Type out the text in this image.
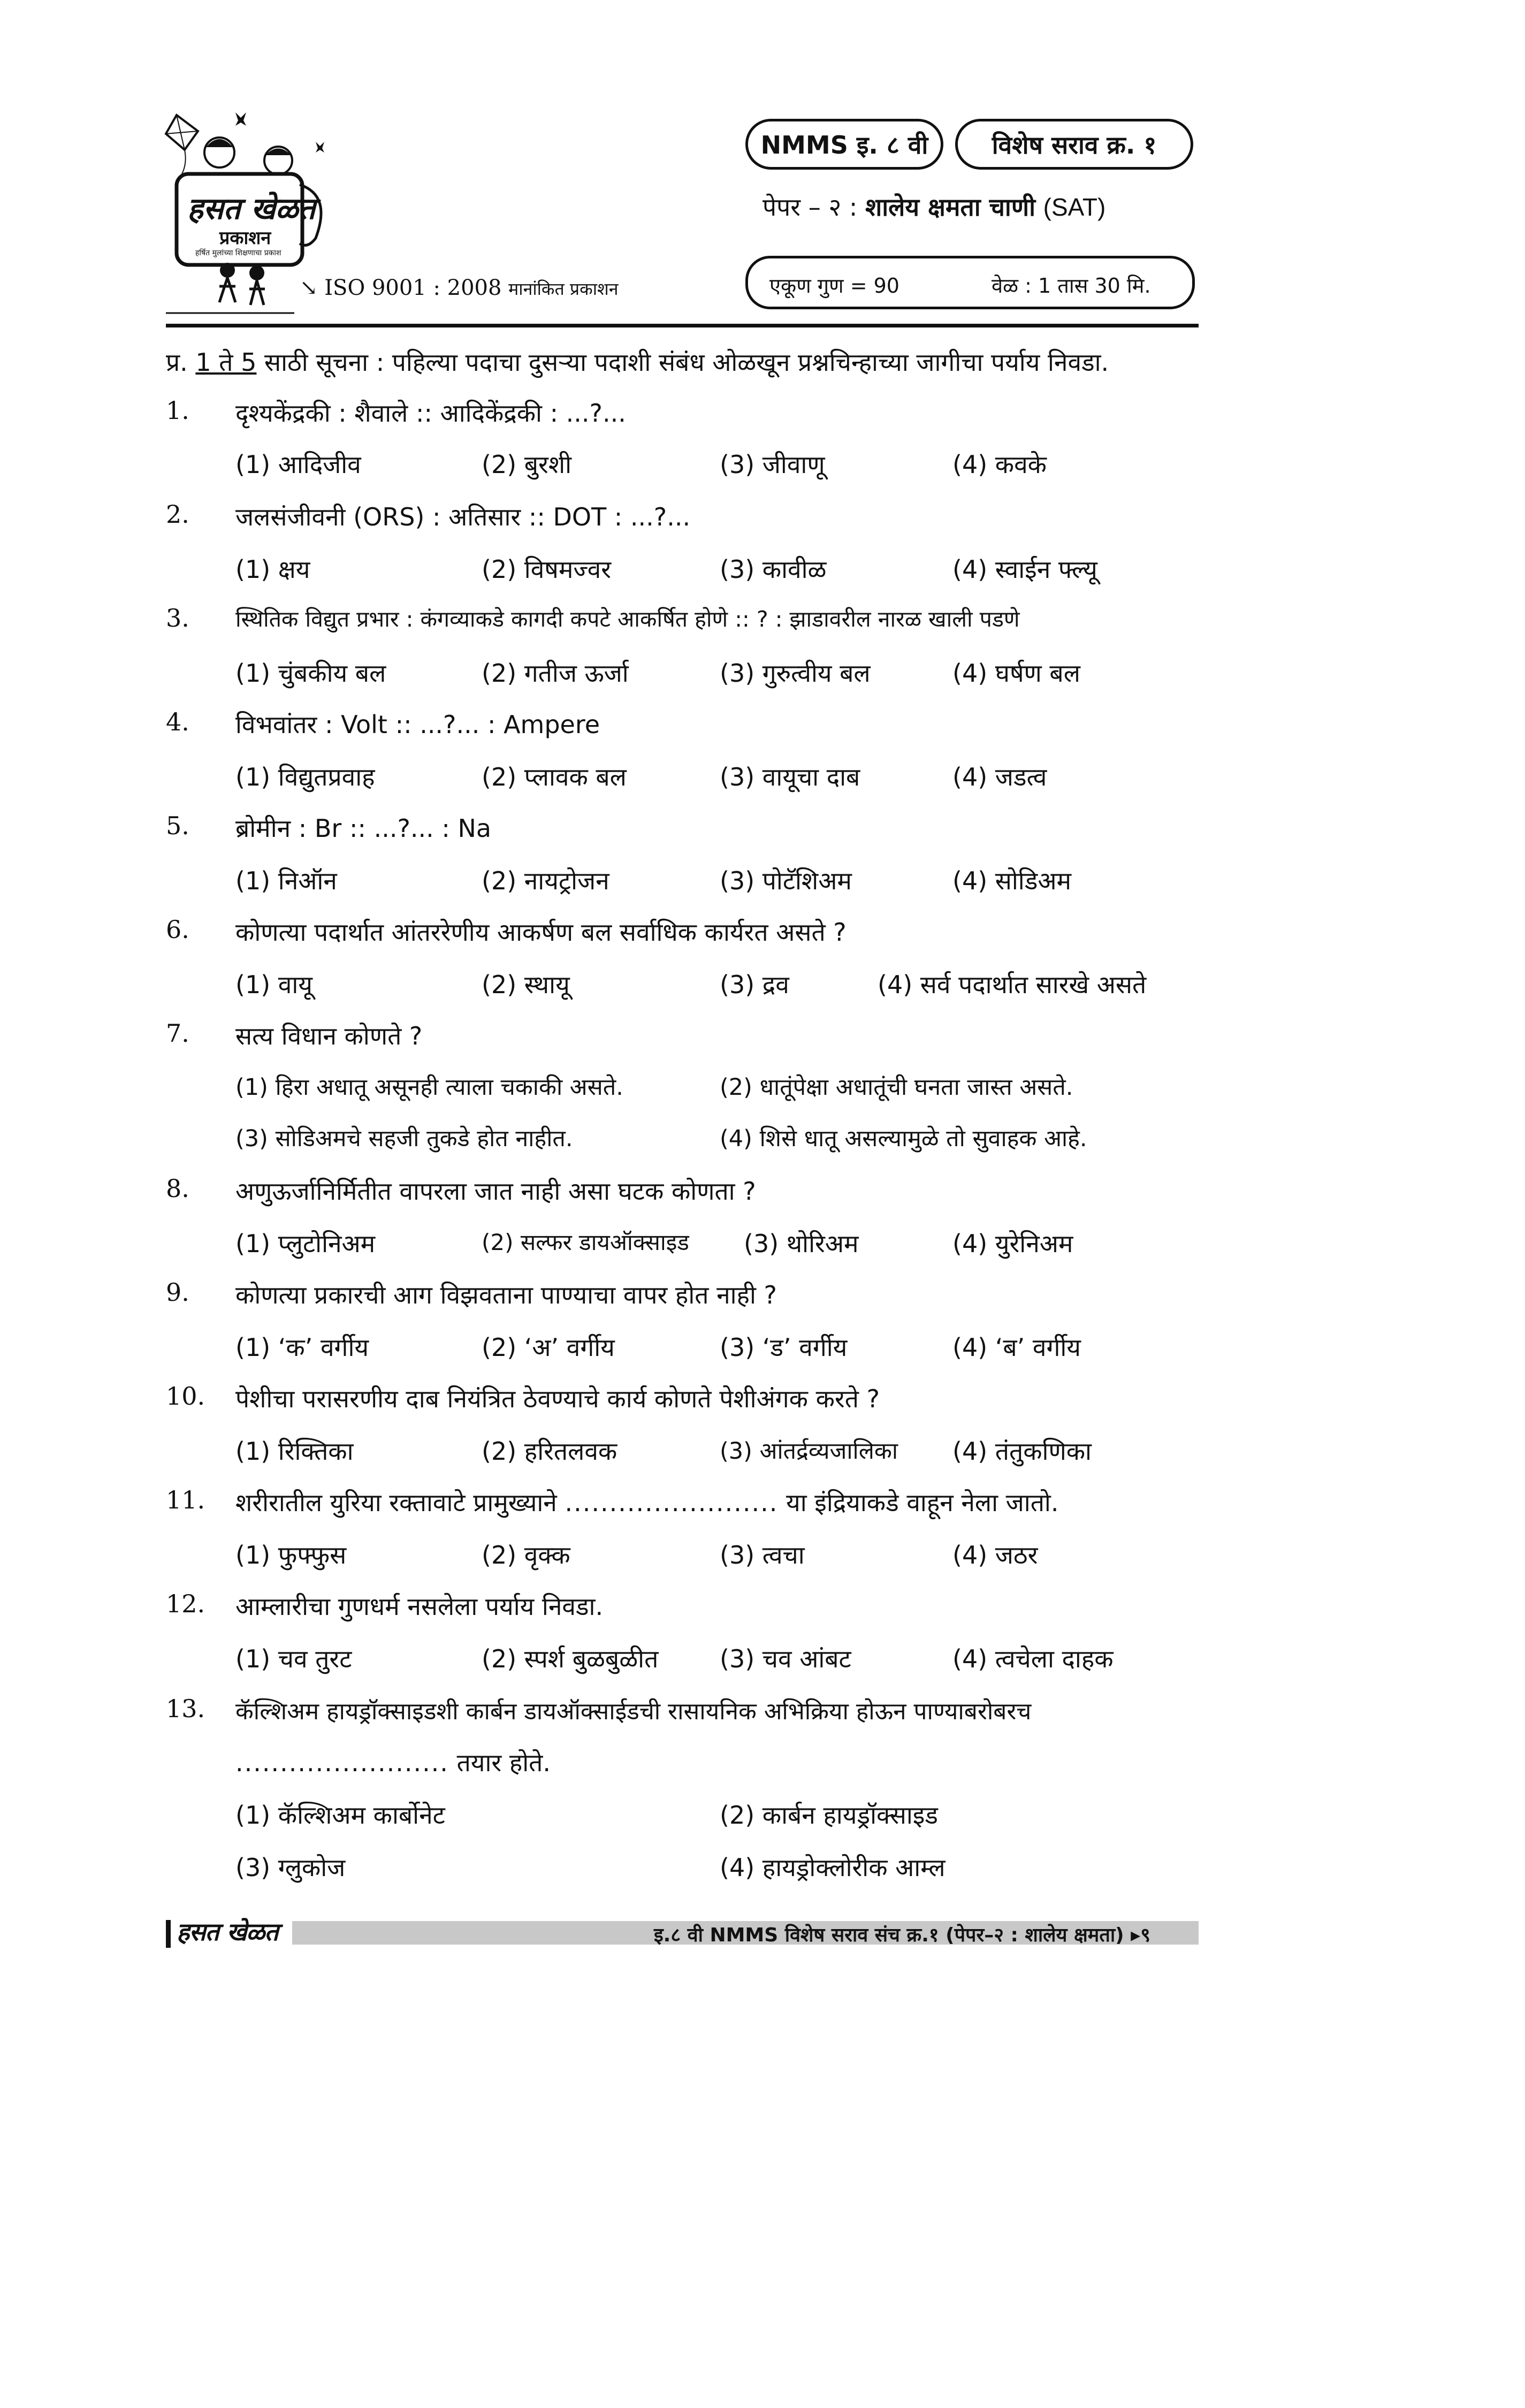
हसत खेळत
प्रकाशन
हर्षित मुलांच्या शिक्षणाचा प्रकाश
↘ ISO 9001 : 2008 मानांकित प्रकाशन
NMMS इ. ८ वी	विशेष सराव क्र. १
पेपर – २ : शालेय क्षमता चाणी (SAT)
एकूण गुण = 90	वेळ : 1 तास 30 मि.
प्र. 1 ते 5 साठी सूचना : पहिल्या पदाचा दुसऱ्या पदाशी संबंध ओळखून प्रश्नचिन्हाच्या जागीचा पर्याय निवडा.
1. दृश्यकेंद्रकी : शैवाले :: आदिकेंद्रकी : ...?...
(1) आदिजीव	(2) बुरशी	(3) जीवाणू	(4) कवके
2. जलसंजीवनी (ORS) : अतिसार :: DOT : ...?...
(1) क्षय	(2) विषमज्वर	(3) कावीळ	(4) स्वाईन फ्ल्यू
3. स्थितिक विद्युत प्रभार : कंगव्याकडे कागदी कपटे आकर्षित होणे :: ? : झाडावरील नारळ खाली पडणे
(1) चुंबकीय बल	(2) गतीज ऊर्जा	(3) गुरुत्वीय बल	(4) घर्षण बल
4. विभवांतर : Volt :: ...?... : Ampere
(1) विद्युतप्रवाह	(2) प्लावक बल	(3) वायूचा दाब	(4) जडत्व
5. ब्रोमीन : Br :: ...?... : Na
(1) निऑन	(2) नायट्रोजन	(3) पोटॅशिअम	(4) सोडिअम
6. कोणत्या पदार्थात आंतररेणीय आकर्षण बल सर्वाधिक कार्यरत असते ?
(1) वायू	(2) स्थायू	(3) द्रव	(4) सर्व पदार्थात सारखे असते
7. सत्य विधान कोणते ?
(1) हिरा अधातू असूनही त्याला चकाकी असते.	(2) धातूंपेक्षा अधातूंची घनता जास्त असते.
(3) सोडिअमचे सहजी तुकडे होत नाहीत.	(4) शिसे धातू असल्यामुळे तो सुवाहक आहे.
8. अणुऊर्जानिर्मितीत वापरला जात नाही असा घटक कोणता ?
(1) प्लुटोनिअम	(2) सल्फर डायऑक्साइड (3) थोरिअम	(4) युरेनिअम
9. कोणत्या प्रकारची आग विझवताना पाण्याचा वापर होत नाही ?
(1) ‘क’ वर्गीय	(2) ‘अ’ वर्गीय	(3) ‘ड’ वर्गीय	(4) ‘ब’ वर्गीय
10. पेशीचा परासरणीय दाब नियंत्रित ठेवण्याचे कार्य कोणते पेशीअंगक करते ?
(1) रिक्तिका	(2) हरितलवक	(3) आंतर्द्रव्यजालिका (4) तंतुकणिका
11. शरीरातील युरिया रक्तावाटे प्रामुख्याने ........................ या इंद्रियाकडे वाहून नेला जातो.
(1) फुफ्फुस	(2) वृक्क	(3) त्वचा	(4) जठर
12. आम्लारीचा गुणधर्म नसलेला पर्याय निवडा.
(1) चव तुरट	(2) स्पर्श बुळबुळीत (3) चव आंबट	(4) त्वचेला दाहक
13. कॅल्शिअम हायड्रॉक्साइडशी कार्बन डायऑक्साईडची रासायनिक अभिक्रिया होऊन पाण्याबरोबरच
........................ तयार होते.
(1) कॅल्शिअम कार्बोनेट	(2) कार्बन हायड्रॉक्साइड
(3) ग्लुकोज	(4) हायड्रोक्लोरीक आम्ल
हसत खेळत	इ.८ वी NMMS विशेष सराव संच क्र.१ (पेपर–२ : शालेय क्षमता) ▸९
